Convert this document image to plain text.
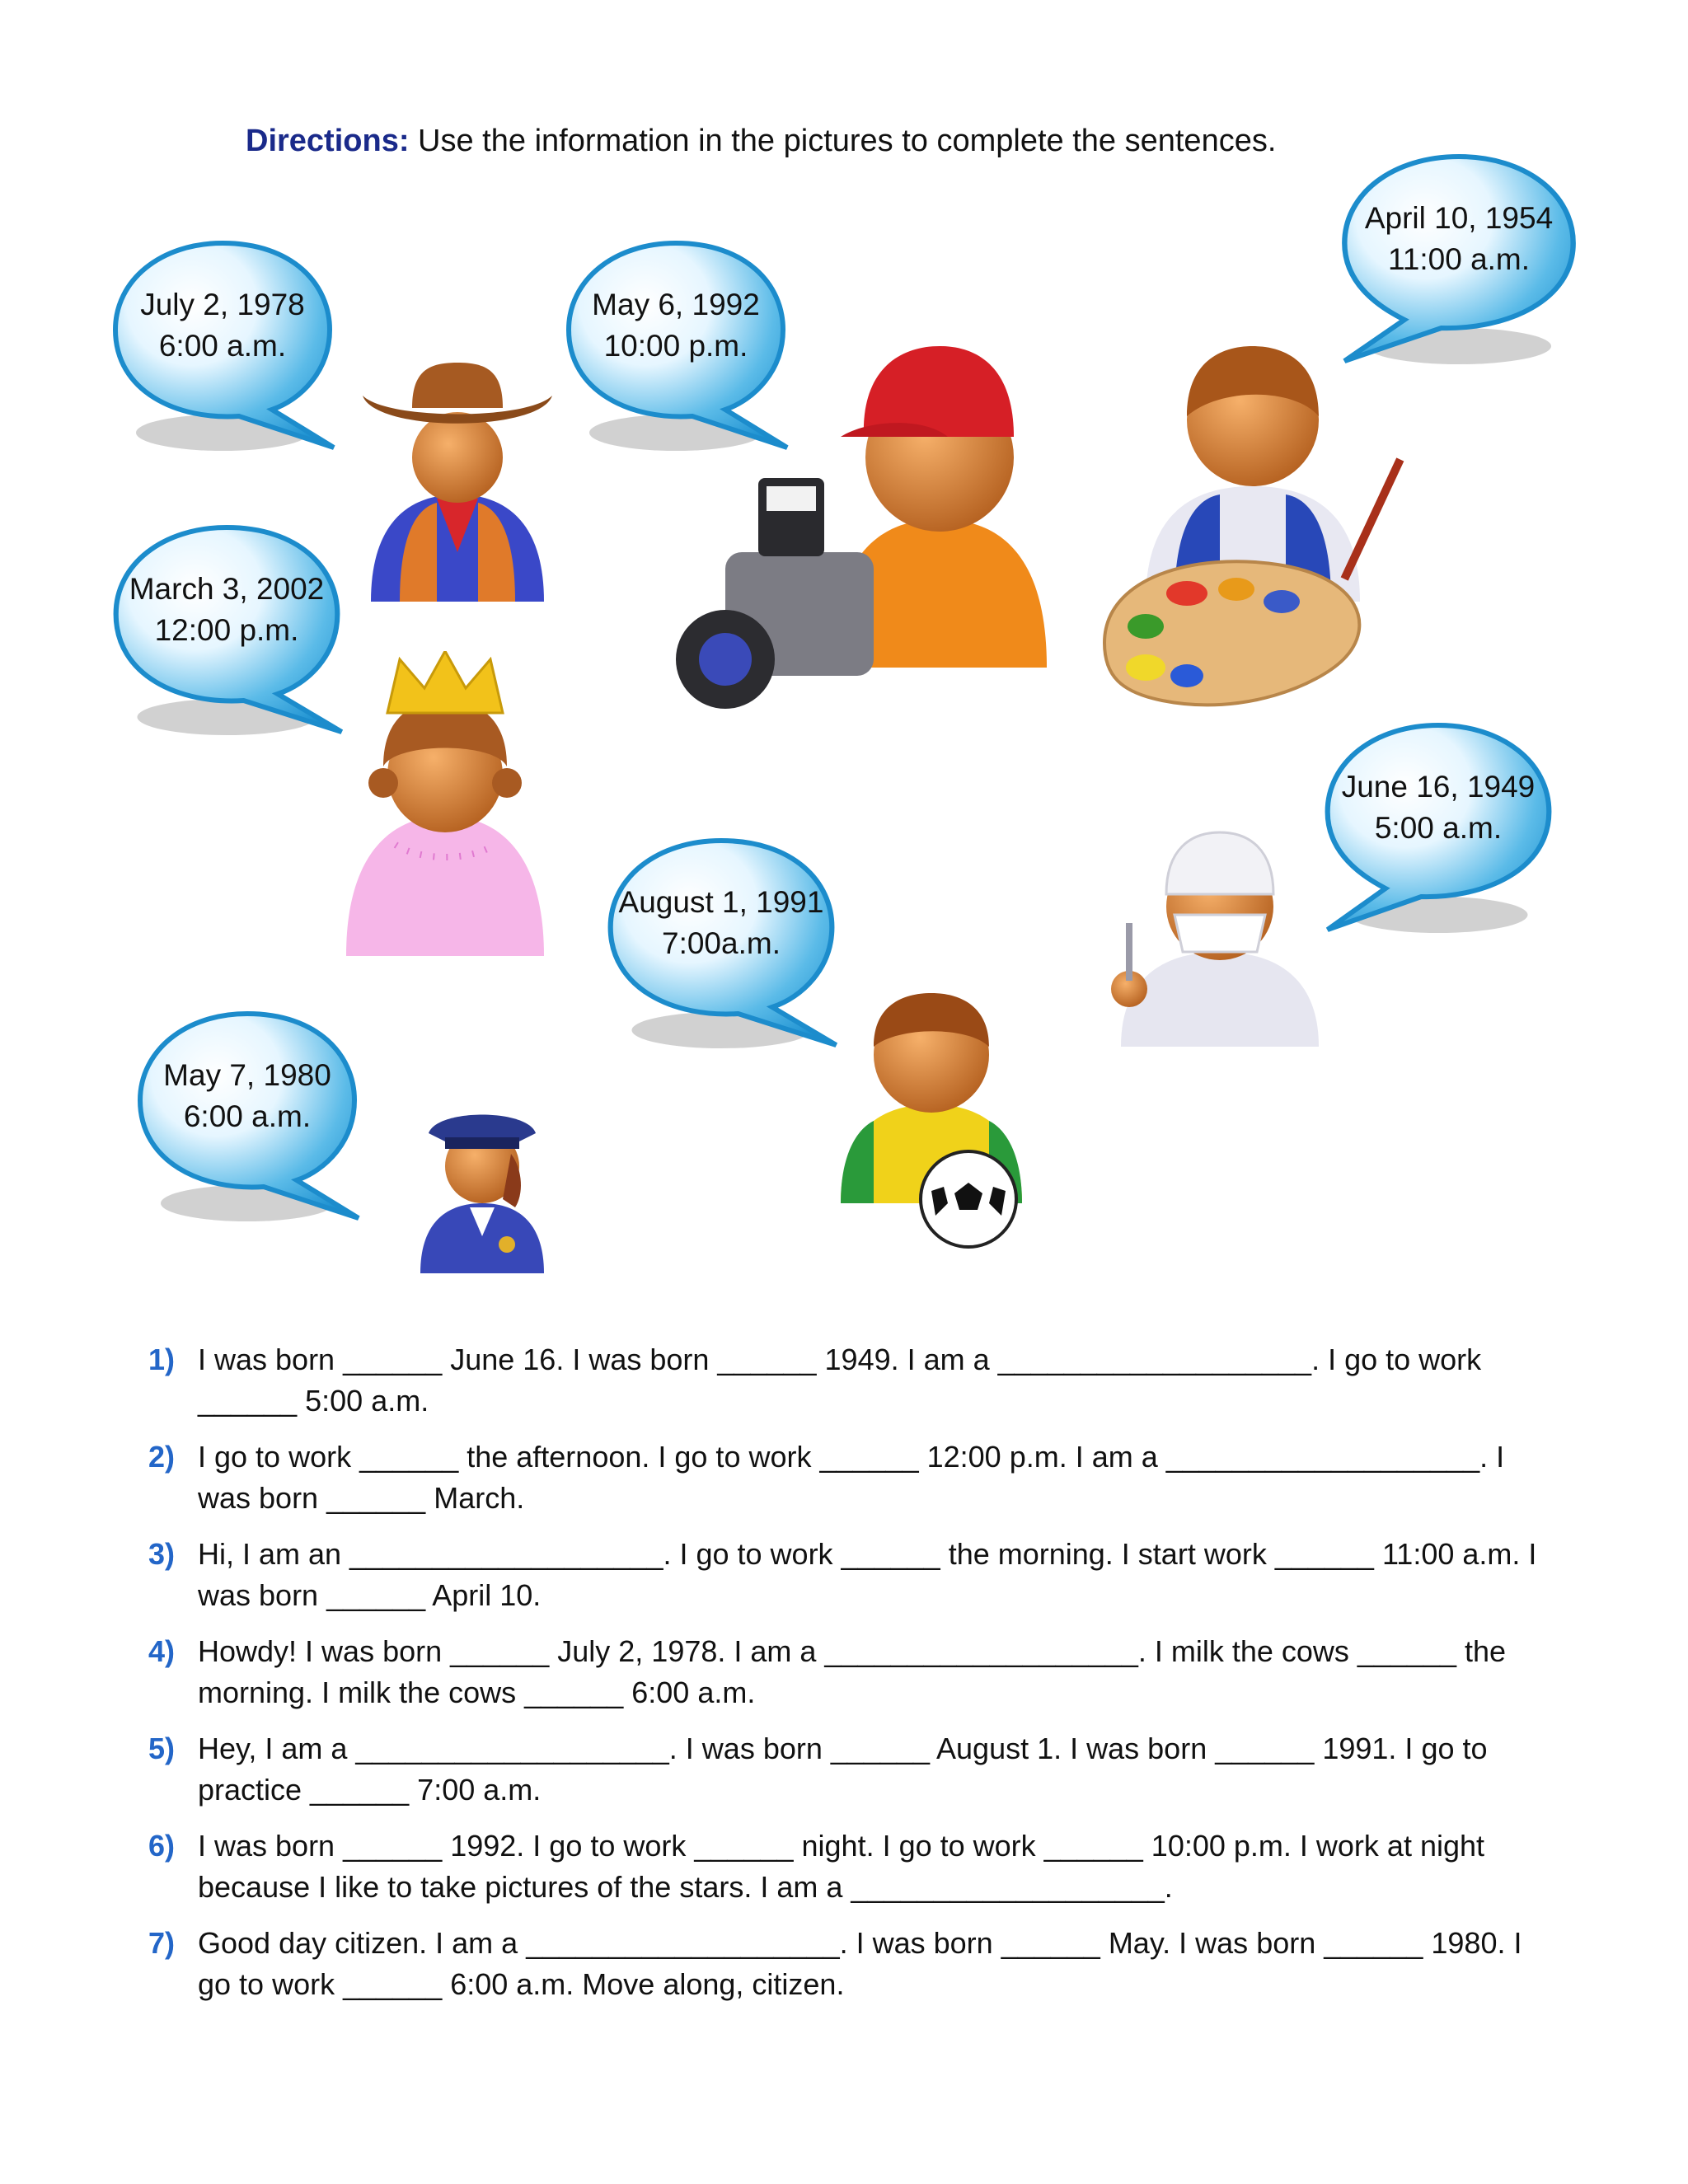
Directions: Use the information in the pictures to complete the sentences.
July 2, 1978
6:00 a.m.
May 6, 1992
10:00 p.m.
April 10, 1954
11:00 a.m.
March 3, 2002
12:00 p.m.
June 16, 1949
5:00 a.m.
August 1, 1991
7:00a.m.
May 7, 1980
6:00 a.m.
1) I was born ______ June 16. I was born ______ 1949. I am a ___________________. I go to work ______ 5:00 a.m.
2) I go to work ______ the afternoon. I go to work ______ 12:00 p.m. I am a ___________________. I was born ______ March.
3) Hi, I am an ___________________. I go to work ______ the morning. I start work ______ 11:00 a.m. I was born ______ April 10.
4) Howdy! I was born ______ July 2, 1978. I am a ___________________. I milk the cows ______ the morning. I milk the cows ______ 6:00 a.m.
5) Hey, I am a ___________________. I was born ______ August 1. I was born ______ 1991. I go to practice ______ 7:00 a.m.
6) I was born ______ 1992. I go to work ______ night. I go to work ______ 10:00 p.m. I work at night because I like to take pictures of the stars. I am a ___________________.
7) Good day citizen. I am a ___________________. I was born ______ May. I was born ______ 1980. I go to work ______ 6:00 a.m. Move along, citizen.
